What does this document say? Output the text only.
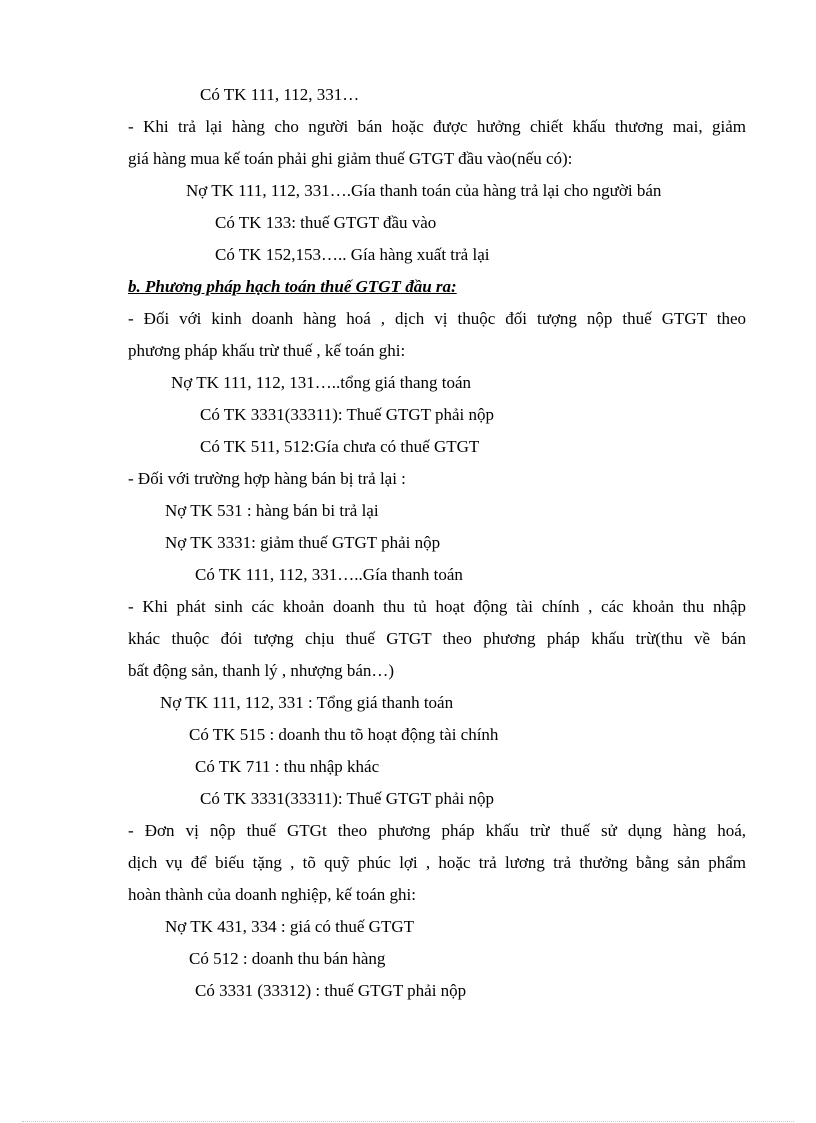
Có TK 111, 112, 331…
- Khi trả lại hàng cho người bán hoặc được hưởng chiết khấu thương mai, giảm
giá hàng mua kế toán phải ghi giảm thuế GTGT đầu vào(nếu có):
Nợ TK 111, 112, 331….Gía thanh toán của hàng trả lại cho người bán
Có TK 133: thuế GTGT đầu vào
Có TK 152,153….. Gía hàng xuất trả lại
b. Phương pháp hạch toán thuế GTGT đầu ra:
- Đối với kinh doanh hàng hoá , dịch vị thuộc đối tượng nộp thuế GTGT theo
phương pháp khấu trừ thuế , kế toán ghi:
Nợ TK 111, 112, 131…..tổng giá thang toán
Có TK 3331(33311): Thuế GTGT phải nộp
Có TK 511, 512:Gía chưa có thuế GTGT
- Đối với trường hợp hàng bán bị trả lại :
Nợ TK 531 : hàng bán bi trả lại
Nợ TK 3331: giảm thuế GTGT phải nộp
Có TK 111, 112, 331…..Gía thanh toán
- Khi phát sinh các khoản doanh thu tủ hoạt động tài chính , các khoản thu nhập
khác thuộc đói tượng chịu thuế GTGT theo phương pháp khấu trừ(thu về bán
bất động sản, thanh lý , nhượng bán…)
Nợ TK 111, 112, 331 : Tổng giá thanh toán
Có TK 515 : doanh thu tõ hoạt động tài chính
Có TK 711 : thu nhập khác
Có TK 3331(33311): Thuế GTGT phải nộp
- Đơn vị nộp thuế GTGt theo phương pháp khấu trừ thuế sử dụng hàng hoá,
dịch vụ để biếu tặng , tõ quỹ phúc lợi , hoặc trả lương trả thưởng bằng sản phẩm
hoàn thành của doanh nghiệp, kế toán ghi:
Nợ TK 431, 334 : giá có thuế GTGT
Có 512 : doanh thu bán hàng
Có 3331 (33312) : thuế GTGT phải nộp
